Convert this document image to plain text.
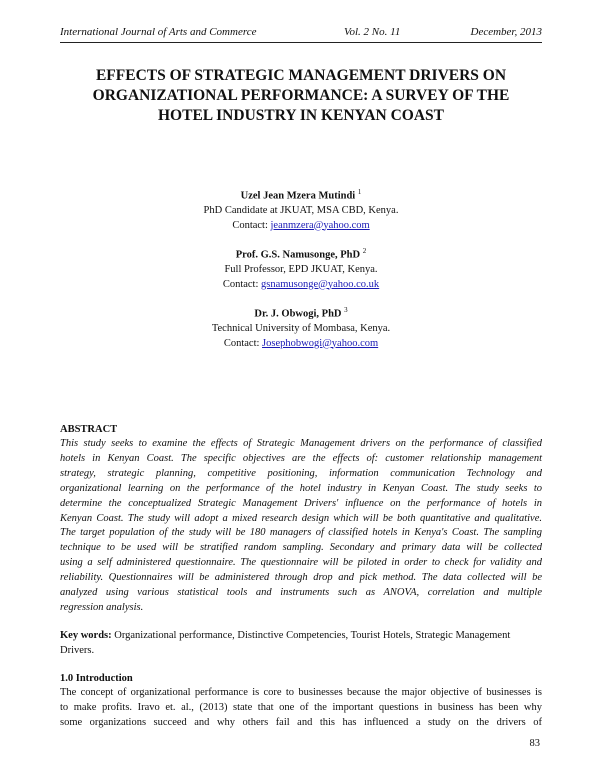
International Journal of Arts and Commerce	Vol. 2 No. 11	December, 2013
EFFECTS OF STRATEGIC MANAGEMENT DRIVERS ON
ORGANIZATIONAL PERFORMANCE: A SURVEY OF THE
HOTEL INDUSTRY IN KENYAN COAST
Uzel Jean Mzera Mutindi $^1$
PhD Candidate at JKUAT, MSA CBD, Kenya.
Contact: jeanmzera@yahoo.com
Prof. G.S. Namusonge, PhD $^2$
Full Professor, EPD JKUAT, Kenya.
Contact: gsnamusonge@yahoo.co.uk
Dr. J. Obwogi, PhD $^3$
Technical University of Mombasa, Kenya.
Contact: Josephobwogi@yahoo.com
ABSTRACT
This study seeks to examine the effects of Strategic Management drivers on the performance of classified
hotels in Kenyan Coast. The specific objectives are the effects of: customer relationship management
strategy, strategic planning, competitive positioning, information communication Technology and
organizational learning on the performance of the hotel industry in Kenyan Coast. The study seeks to
determine the conceptualized Strategic Management Drivers' influence on the performance of hotels in
Kenyan Coast. The study will adopt a mixed research design which will be both quantitative and qualitative.
The target population of the study will be 180 managers of classified hotels in Kenya's Coast. The sampling
technique to be used will be stratified random sampling. Secondary and primary data will be collected
using a self administered questionnaire. The questionnaire will be piloted in order to check for validity and
reliability. Questionnaires will be administered through drop and pick method. The data collected will be
analyzed using various statistical tools and instruments such as ANOVA, correlation and multiple
regression analysis.
Key words: Organizational performance, Distinctive Competencies, Tourist Hotels, Strategic Management Drivers.
1.0 Introduction
The concept of organizational performance is core to businesses because the major objective of businesses is
to make profits. Iravo et. al., (2013) state that one of the important questions in business has been why
some organizations succeed and why others fail and this has influenced a study on the drivers of
83
